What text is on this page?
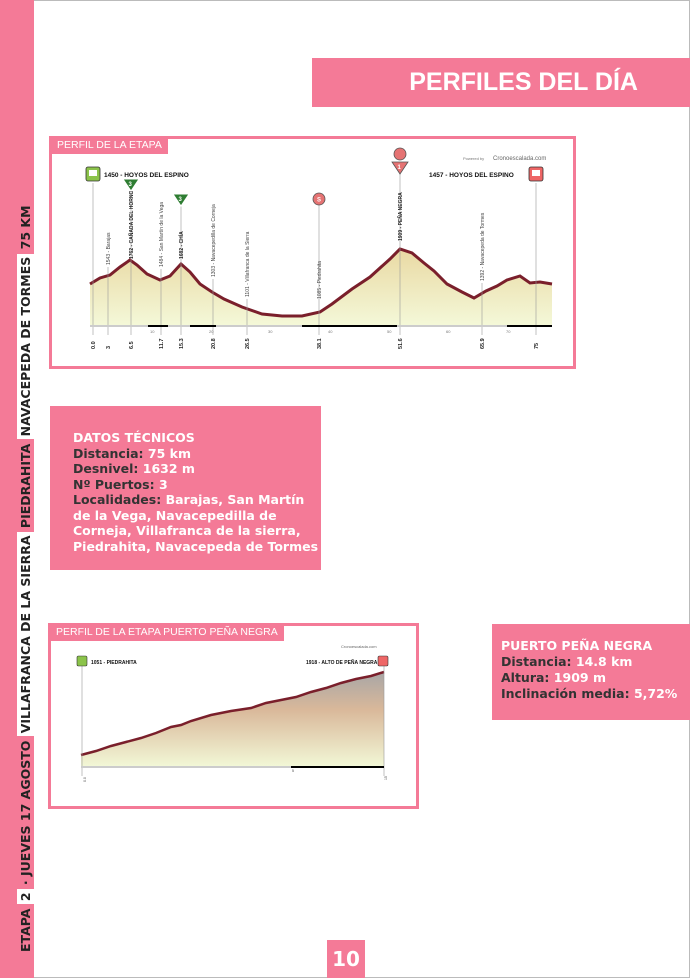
ETAPA 2 · JUEVES 17 AGOSTO VILLAFRANCA DE LA SIERRA PIEDRAHITA NAVACEPEDA DE TORMES 75 KM
PERFILES DEL DÍA
PERFIL DE LA ETAPA
Powered by Cronoescalada.com
10	20	30	40	50	60	70
0.0 3	6.5	11.7	15.3	20.8	26.5	38.1	51.6	65.9	75
1543 - Barajas	1762 - CAÑADA DEL HORNO	1484 - San Martín de la Vega	1682 - CHÍA	1303 - Navacepedilla de Corneja	1101 - Villafranca de la Sierra	1085 - Piedrahita
1909 - PEÑA NEGRA	1392 - Navacepeda de Tormes
1450 - HOYOS DEL ESPINO	1457 - HOYOS DEL ESPINO
3
3	S
1
DATOS TÉCNICOS
Distancia: 75 km
Desnivel: 1632 m
Nº Puertos: 3
Localidades: Barajas, San Martín
de la Vega, Navacepedilla de
Corneja, Villafranca de la sierra,
Piedrahita, Navacepeda de Tormes
PERFIL DE LA ETAPA PUERTO PEÑA NEGRA
Cronoescalada.com
1051 - PIEDRAHITA	1918 - ALTO DE PEÑA NEGRA
0.0
5
15
PUERTO PEÑA NEGRA
Distancia: 14.8 km
Altura: 1909 m
Inclinación media: 5,72%
10
